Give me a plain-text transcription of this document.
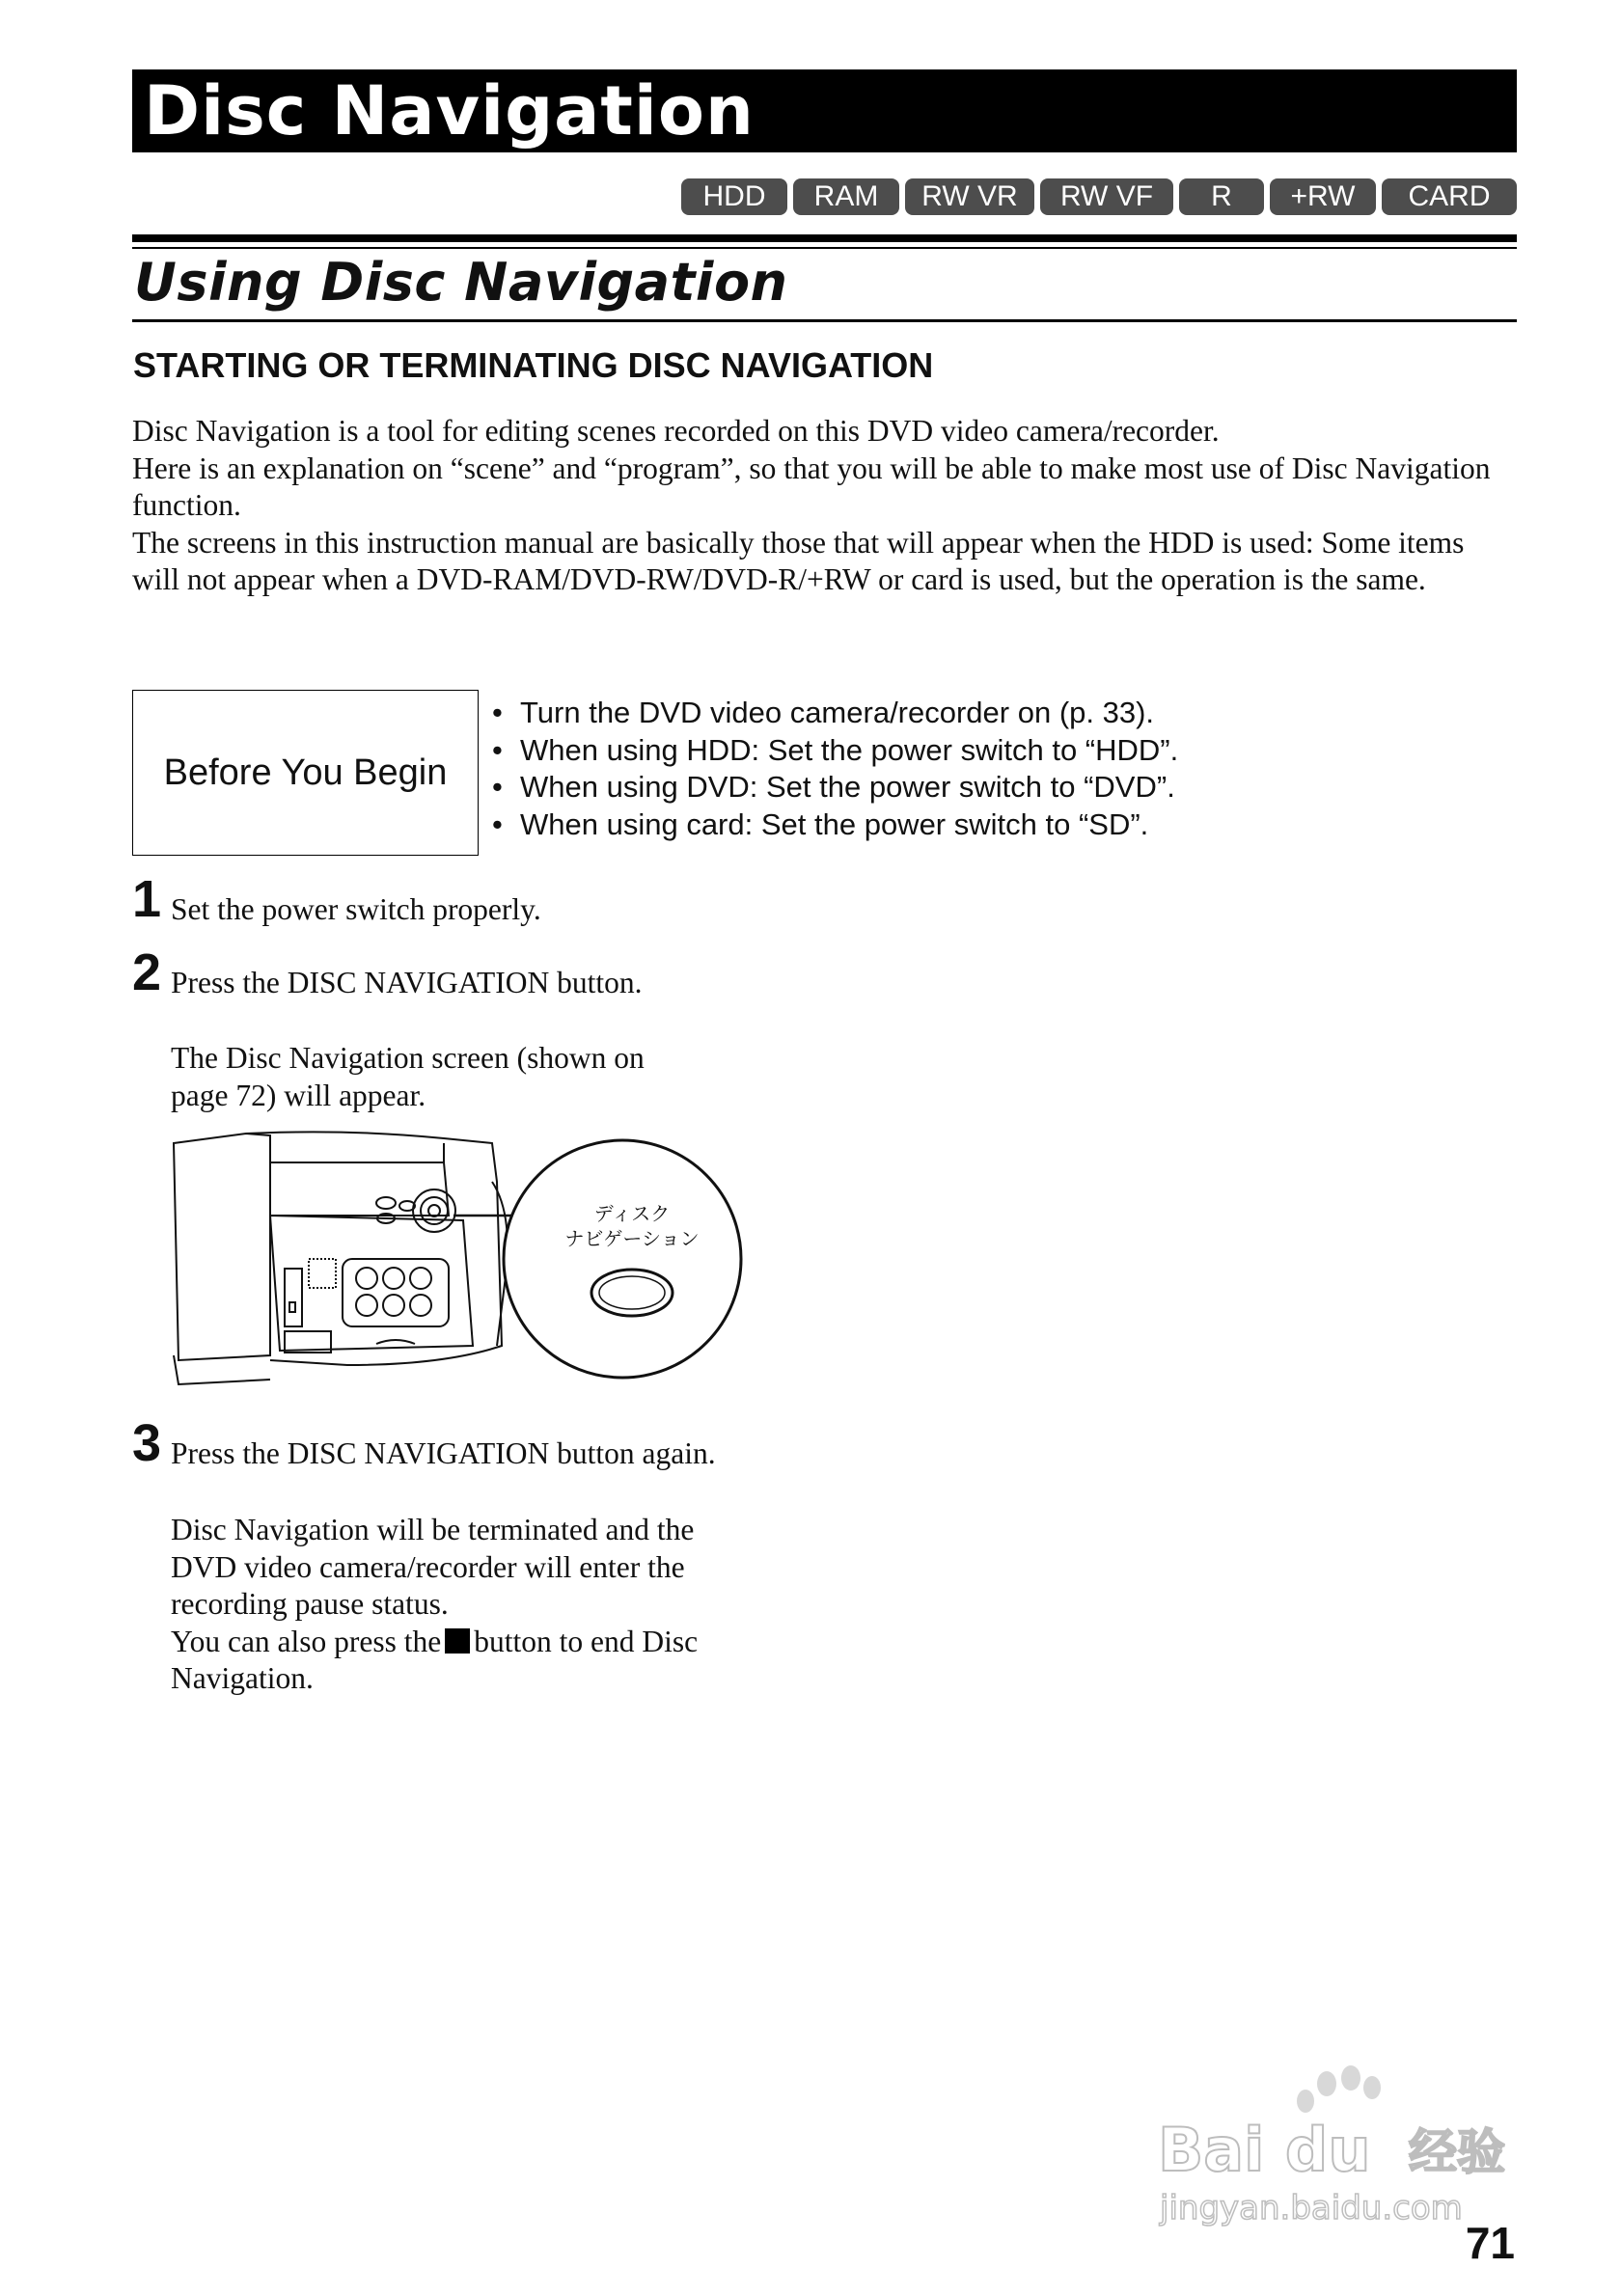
Disc Navigation
HDD	RAM	RW VR	RW VF	R	+RW	CARD
Using Disc Navigation
STARTING OR TERMINATING DISC NAVIGATION

Disc Navigation is a tool for editing scenes recorded on this DVD video camera/recorder.

Here is an explanation on “scene” and “program”, so that you will be able to make most use of Disc Navigation function.

The screens in this instruction manual are basically those that will appear when the HDD is used: Some items will not appear when a DVD-RAM/DVD-RW/DVD-R/+RW or card is used, but the operation is the same.

Before You Begin
• Turn the DVD video camera/recorder on (p. 33).
• When using HDD: Set the power switch to “HDD”.
• When using DVD: Set the power switch to “DVD”.
• When using card: Set the power switch to “SD”.
1 Set the power switch properly.
2 Press the DISC NAVIGATION button.

The Disc Navigation screen (shown on

page 72) will appear.

ディスク
ナビゲーション
3 Press the DISC NAVIGATION button again.

Disc Navigation will be terminated and the

DVD video camera/recorder will enter the

recording pause status.

You can also press the button to end Disc

Navigation.

Bai du 经验
jingyan.baidu.com
71
